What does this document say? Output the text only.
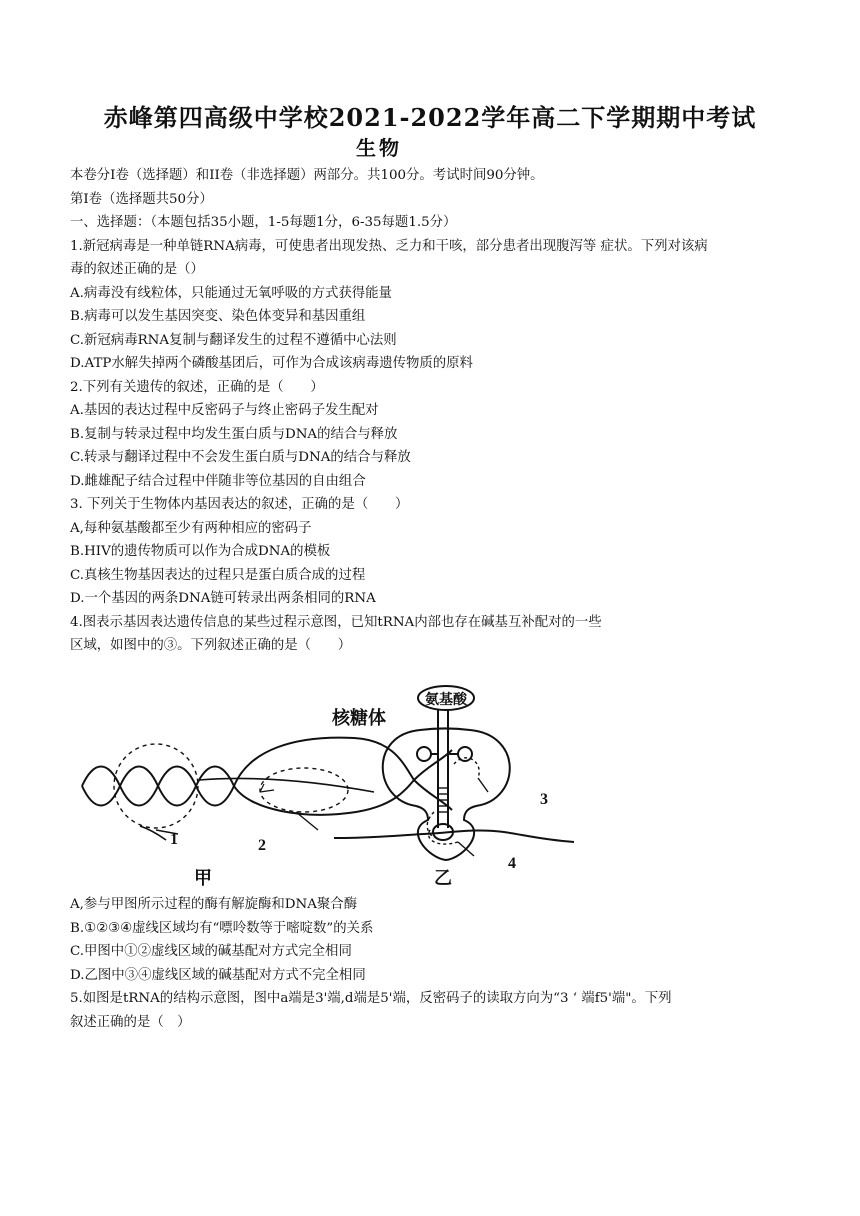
赤峰第四高级中学校2021-2022学年高二下学期期中考试
生物
本卷分I卷（选择题）和II卷（非选择题）两部分。共100分。考试时间90分钟。
第I卷（选择题共50分）
一、选择题：（本题包括35小题，1-5每题1分，6-35每题1.5分）
1.新冠病毒是一种单链RNA病毒，可使患者出现发热、乏力和干咳，部分患者出现腹泻等 症状。下列对该病
毒的叙述正确的是（）
A.病毒没有线粒体，只能通过无氧呼吸的方式获得能量
B.病毒可以发生基因突变、染色体变异和基因重组
C.新冠病毒RNA复制与翻译发生的过程不遵循中心法则
D.ATP水解失掉两个磷酸基团后，可作为合成该病毒遗传物质的原料
2.下列有关遗传的叙述，正确的是（　　）
A.基因的表达过程中反密码子与终止密码子发生配对
B.复制与转录过程中均发生蛋白质与DNA的结合与释放
C.转录与翻译过程中不会发生蛋白质与DNA的结合与释放
D.雌雄配子结合过程中伴随非等位基因的自由组合
3. 下列关于生物体内基因表达的叙述，正确的是（　　）
A,每种氨基酸都至少有两种相应的密码子
B.HIV的遗传物质可以作为合成DNA的模板
C.真核生物基因表达的过程只是蛋白质合成的过程
D.一个基因的两条DNA链可转录出两条相同的RNA
4.图表示基因表达遗传信息的某些过程示意图，已知tRNA内部也存在碱基互补配对的一些
区域，如图中的③。下列叙述正确的是（　　）
核糖体
氨基酸
1	2
3
4
甲	乙
A,参与甲图所示过程的酶有解旋酶和DNA聚合酶
B.①②③④虚线区域均有“嘌呤数等于嘧啶数”的关系
C.甲图中①②虚线区域的碱基配对方式完全相同
D.乙图中③④虚线区域的碱基配对方式不完全相同
5.如图是tRNA的结构示意图，图中a端是3'端,d端是5'端，反密码子的读取方向为“3 ‘ 端f5'端"。下列
叙述正确的是（　）
